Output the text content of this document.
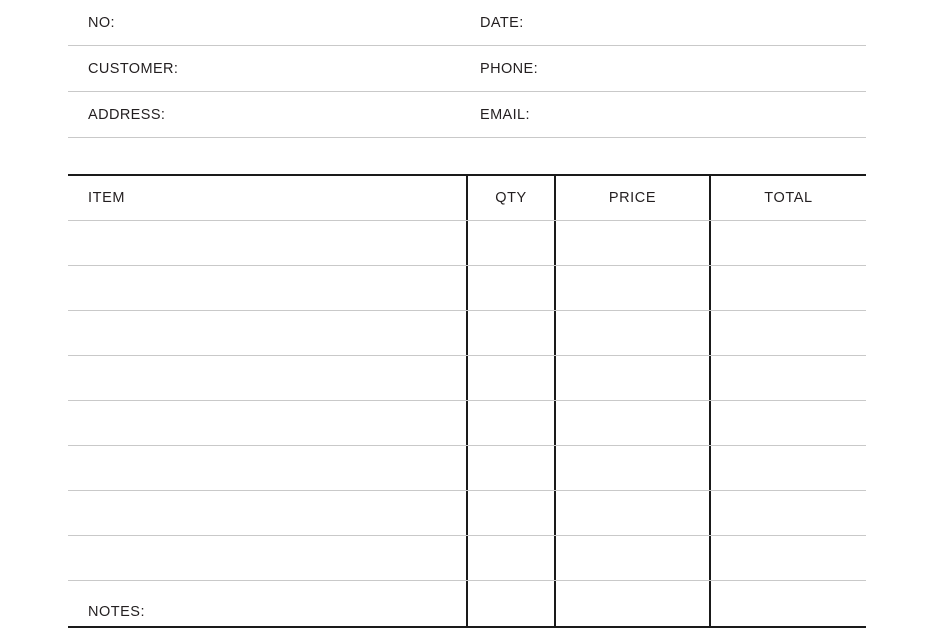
NO:	DATE:
CUSTOMER:	PHONE:
ADDRESS:	EMAIL:
ITEM	QTY	PRICE	TOTAL
NOTES:
